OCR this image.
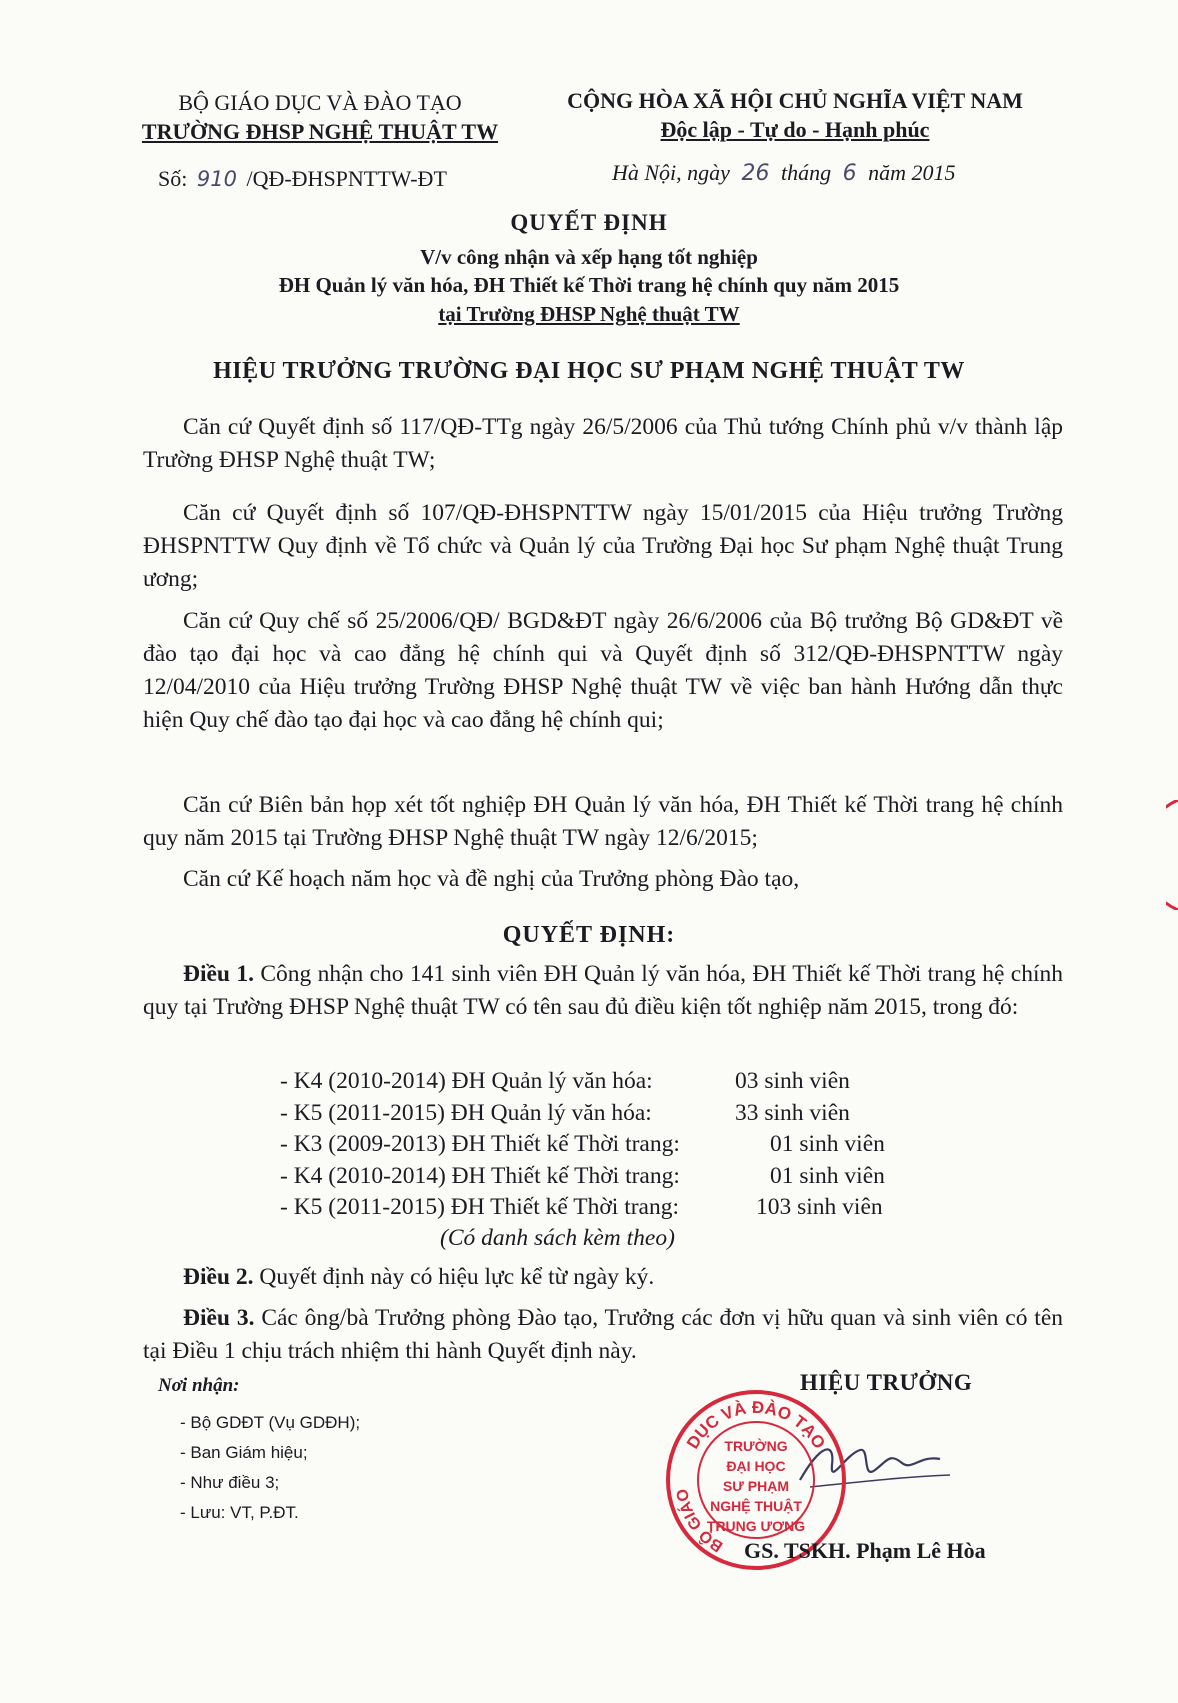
BỘ GIÁO DỤC VÀ ĐÀO TẠO
TRƯỜNG ĐHSP NGHỆ THUẬT TW
CỘNG HÒA XÃ HỘI CHỦ NGHĨA VIỆT NAM
Độc lập - Tự do - Hạnh phúc
Số: 910 /QĐ-ĐHSPNTTW-ĐT	Hà Nội, ngày 26 tháng 6 năm 2015
QUYẾT ĐỊNH
V/v công nhận và xếp hạng tốt nghiệp
ĐH Quản lý văn hóa, ĐH Thiết kế Thời trang hệ chính quy năm 2015
tại Trường ĐHSP Nghệ thuật TW
HIỆU TRƯỞNG TRƯỜNG ĐẠI HỌC SƯ PHẠM NGHỆ THUẬT TW

Căn cứ Quyết định số 117/QĐ-TTg ngày 26/5/2006 của Thủ tướng Chính phủ v/v thành lập Trường ĐHSP Nghệ thuật TW;

Căn cứ Quyết định số 107/QĐ-ĐHSPNTTW ngày 15/01/2015 của Hiệu trưởng Trường ĐHSPNTTW Quy định về Tổ chức và Quản lý của Trường Đại học Sư phạm Nghệ thuật Trung ương;

Căn cứ Quy chế số 25/2006/QĐ/ BGD&ĐT ngày 26/6/2006 của Bộ trưởng Bộ GD&ĐT về đào tạo đại học và cao đẳng hệ chính qui và Quyết định số 312/QĐ-ĐHSPNTTW ngày 12/04/2010 của Hiệu trưởng Trường ĐHSP Nghệ thuật TW về việc ban hành Hướng dẫn thực hiện Quy chế đào tạo đại học và cao đẳng hệ chính qui;

Căn cứ Biên bản họp xét tốt nghiệp ĐH Quản lý văn hóa, ĐH Thiết kế Thời trang hệ chính quy năm 2015 tại Trường ĐHSP Nghệ thuật TW ngày 12/6/2015;

Căn cứ Kế hoạch năm học và đề nghị của Trưởng phòng Đào tạo,

QUYẾT ĐỊNH:

Điều 1. Công nhận cho 141 sinh viên ĐH Quản lý văn hóa, ĐH Thiết kế Thời trang hệ chính quy tại Trường ĐHSP Nghệ thuật TW có tên sau đủ điều kiện tốt nghiệp năm 2015, trong đó:

- K4 (2010-2014) ĐH Quản lý văn hóa:	03 sinh viên
- K5 (2011-2015) ĐH Quản lý văn hóa:	33 sinh viên
- K3 (2009-2013) ĐH Thiết kế Thời trang:	01 sinh viên
- K4 (2010-2014) ĐH Thiết kế Thời trang:	01 sinh viên
- K5 (2011-2015) ĐH Thiết kế Thời trang:	103 sinh viên
(Có danh sách kèm theo)

Điều 2. Quyết định này có hiệu lực kể từ ngày ký.

Điều 3. Các ông/bà Trưởng phòng Đào tạo, Trưởng các đơn vị hữu quan và sinh viên có tên tại Điều 1 chịu trách nhiệm thi hành Quyết định này.

Nơi nhận:
- Bộ GDĐT (Vụ GDĐH);
- Ban Giám hiệu;
- Như điều 3;
- Lưu: VT, P.ĐT.
HIỆU TRƯỞNG
DỤC VÀ ĐÀO TẠO
BỘ GIÁO
TRƯỜNG
ĐẠI HỌC
SƯ PHẠM
NGHỆ THUẬT
TRUNG ƯƠNG
GS. TSKH. Phạm Lê Hòa
